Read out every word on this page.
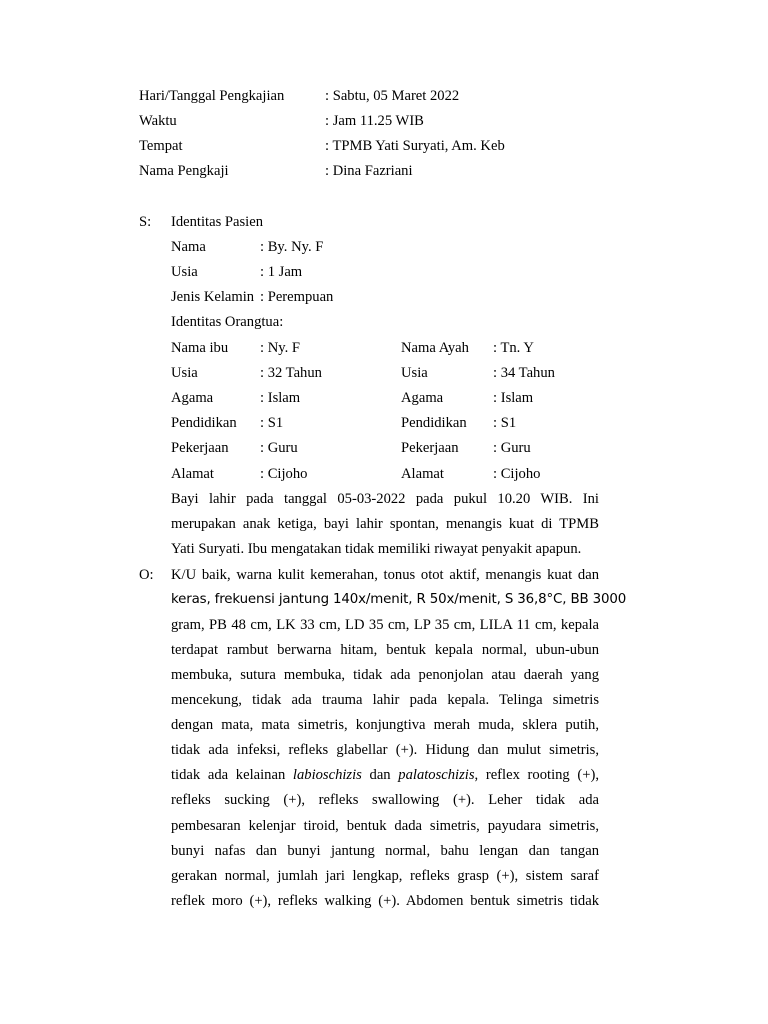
Hari/Tanggal Pengkajian	: Sabtu, 05 Maret 2022
Waktu	: Jam 11.25 WIB
Tempat	: TPMB Yati Suryati, Am. Keb
Nama Pengkaji	: Dina Fazriani
S: Identitas Pasien
Nama	: By. Ny. F
Usia	: 1 Jam
Jenis Kelamin : Perempuan
Identitas Orangtua:
Nama ibu : Ny. F	Nama Ayah : Tn. Y
Usia	: 32 Tahun	Usia	: 34 Tahun
Agama	: Islam	Agama	: Islam
Pendidikan : S1	Pendidikan : S1
Pekerjaan : Guru	Pekerjaan : Guru
Alamat	: Cijoho	Alamat	: Cijoho
Bayi lahir pada tanggal 05-03-2022 pada pukul 10.20 WIB. Ini
merupakan anak ketiga, bayi lahir spontan, menangis kuat di TPMB
Yati Suryati. Ibu mengatakan tidak memiliki riwayat penyakit apapun.
O: K/U baik, warna kulit kemerahan, tonus otot aktif, menangis kuat dan
keras, frekuensi jantung 140x/menit, R 50x/menit, S 36,8°C, BB 3000
gram, PB 48 cm, LK 33 cm, LD 35 cm, LP 35 cm, LILA 11 cm, kepala
terdapat rambut berwarna hitam, bentuk kepala normal, ubun-ubun
membuka, sutura membuka, tidak ada penonjolan atau daerah yang
mencekung, tidak ada trauma lahir pada kepala. Telinga simetris
dengan mata, mata simetris, konjungtiva merah muda, sklera putih,
tidak ada infeksi, refleks glabellar (+). Hidung dan mulut simetris,
tidak ada kelainan labioschizis dan palatoschizis, reflex rooting (+),
refleks sucking (+), refleks swallowing (+). Leher tidak ada
pembesaran kelenjar tiroid, bentuk dada simetris, payudara simetris,
bunyi nafas dan bunyi jantung normal, bahu lengan dan tangan
gerakan normal, jumlah jari lengkap, refleks grasp (+), sistem saraf
reflek moro (+), refleks walking (+). Abdomen bentuk simetris tidak
